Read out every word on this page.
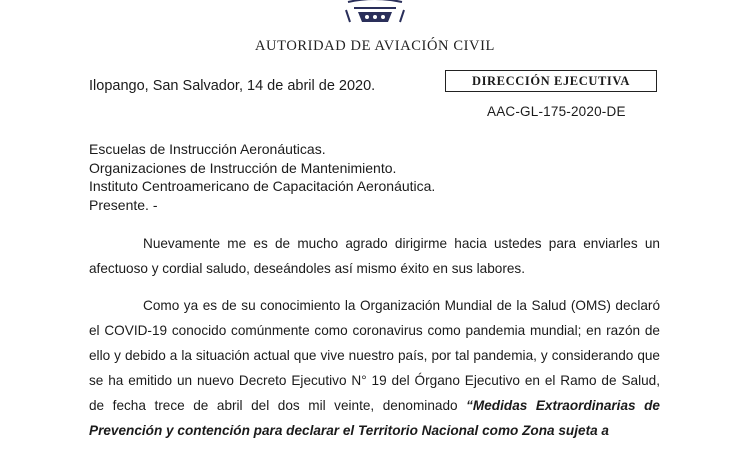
AUTORIDAD DE AVIACIÓN CIVIL
Ilopango, San Salvador, 14 de abril de 2020.	DIRECCIÓN EJECUTIVA
AAC-GL-175-2020-DE
Escuelas de Instrucción Aeronáuticas.
Organizaciones de Instrucción de Mantenimiento.
Instituto Centroamericano de Capacitación Aeronáutica.
Presente. -

Nuevamente me es de mucho agrado dirigirme hacia ustedes para enviarles un afectuoso y cordial saludo, deseándoles así mismo éxito en sus labores.

Como ya es de su conocimiento la Organización Mundial de la Salud (OMS) declaró el COVID-19 conocido comúnmente como coronavirus como pandemia mundial; en razón de ello y debido a la situación actual que vive nuestro país, por tal pandemia, y considerando que se ha emitido un nuevo Decreto Ejecutivo N° 19 del Órgano Ejecutivo en el Ramo de Salud, de fecha trece de abril del dos mil veinte, denominado “Medidas Extraordinarias de Prevención y contención para declarar el Territorio Nacional como Zona sujeta a
